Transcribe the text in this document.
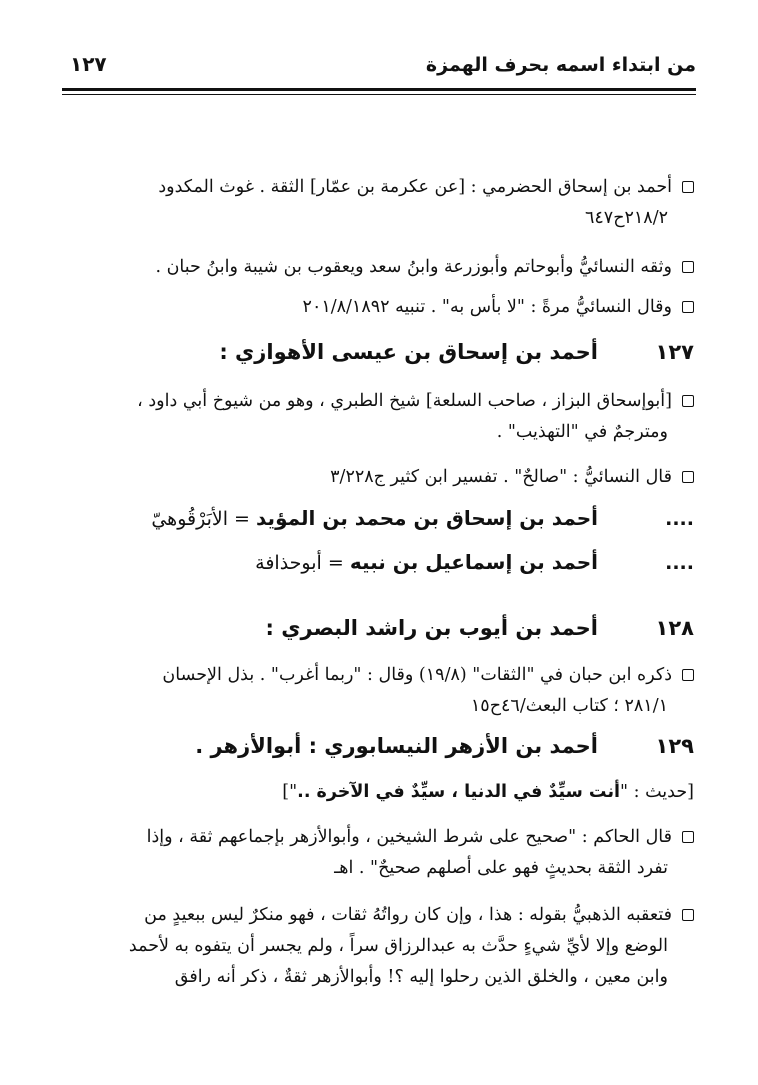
من ابتداء اسمه بحرف الهمزة
١٢٧
أحمد بن إسحاق الحضرمي : [عن عكرمة بن عمّار] الثقة . غوث المكدود
٢١٨/٢ح٦٤٧
وثقه النسائيُّ وأبوحاتم وأبوزرعة وابنُ سعد ويعقوب بن شيبة وابنُ حبان .
وقال النسائيُّ مرةً : "لا بأس به" . تنبيه ٢٠١/٨/١٨٩٢
١٢٧أحمد بن إسحاق بن عيسى الأهوازي :
[أبوإسحاق البزاز ، صاحب السلعة] شيخ الطبري ، وهو من شيوخ أبي داود ،
ومترجمٌ في "التهذيب" .
قال النسائيُّ : "صالحٌ" . تفسير ابن كثير ج٣/٢٢٨
....أحمد بن إسحاق بن محمد بن المؤيد = الأبَرْقُوهيّ
....أحمد بن إسماعيل بن نبيه = أبوحذافة
١٢٨أحمد بن أيوب بن راشد البصري :
ذكره ابن حبان في "الثقات" (١٩/٨) وقال : "ربما أغرب" . بذل الإحسان
٢٨١/١ ؛ كتاب البعث/٤٦ح١٥
١٢٩أحمد بن الأزهر النيسابوري : أبوالأزهر .
[حديث : "أنت سيِّدٌ في الدنيا ، سيِّدٌ في الآخرة .."]
قال الحاكم : "صحيح على شرط الشيخين ، وأبوالأزهر بإجماعهم ثقة ، وإذا
تفرد الثقة بحديثٍ فهو على أصلهم صحيحٌ" . اهـ
فتعقبه الذهبيُّ بقوله : هذا ، وإن كان رواتُهُ ثقات ، فهو منكرٌ ليس ببعيدٍ من
الوضع وإلا لأيِّ شيءٍ حدَّث به عبدالرزاق سراً ، ولم يجسر أن يتفوه به لأحمد
وابن معين ، والخلق الذين رحلوا إليه ؟! وأبوالأزهر ثقةٌ ، ذكر أنه رافق
